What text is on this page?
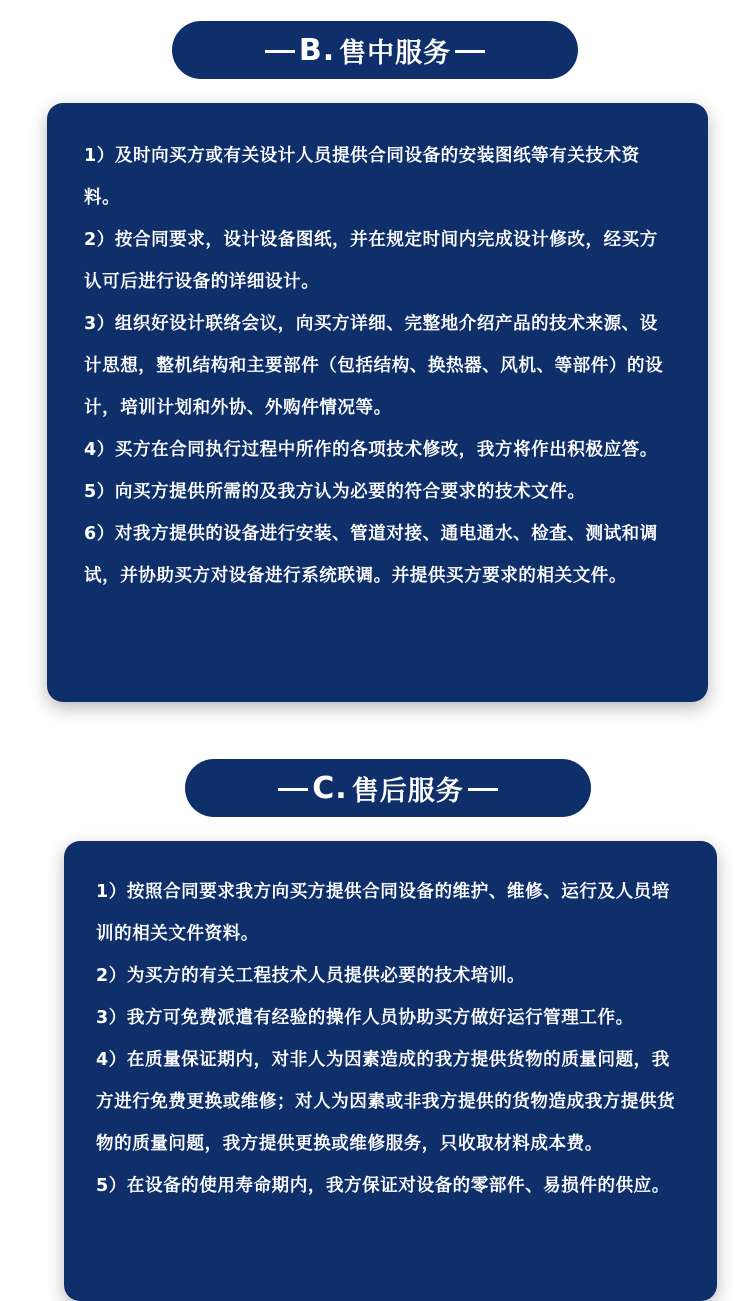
B. 售中服务

1）及时向买方或有关设计人员提供合同设备的安装图纸等有关技术资料。

2）按合同要求，设计设备图纸，并在规定时间内完成设计修改，经买方认可后进行设备的详细设计。

3）组织好设计联络会议，向买方详细、完整地介绍产品的技术来源、设计思想，整机结构和主要部件（包括结构、换热器、风机、等部件）的设计，培训计划和外协、外购件情况等。

4）买方在合同执行过程中所作的各项技术修改，我方将作出积极应答。

5）向买方提供所需的及我方认为必要的符合要求的技术文件。

6）对我方提供的设备进行安装、管道对接、通电通水、检查、测试和调试，并协助买方对设备进行系统联调。并提供买方要求的相关文件。

C. 售后服务

1）按照合同要求我方向买方提供合同设备的维护、维修、运行及人员培训的相关文件资料。

2）为买方的有关工程技术人员提供必要的技术培训。

3）我方可免费派遣有经验的操作人员协助买方做好运行管理工作。

4）在质量保证期内，对非人为因素造成的我方提供货物的质量问题，我方进行免费更换或维修；对人为因素或非我方提供的货物造成我方提供货物的质量问题，我方提供更换或维修服务，只收取材料成本费。

5）在设备的使用寿命期内，我方保证对设备的零部件、易损件的供应。
